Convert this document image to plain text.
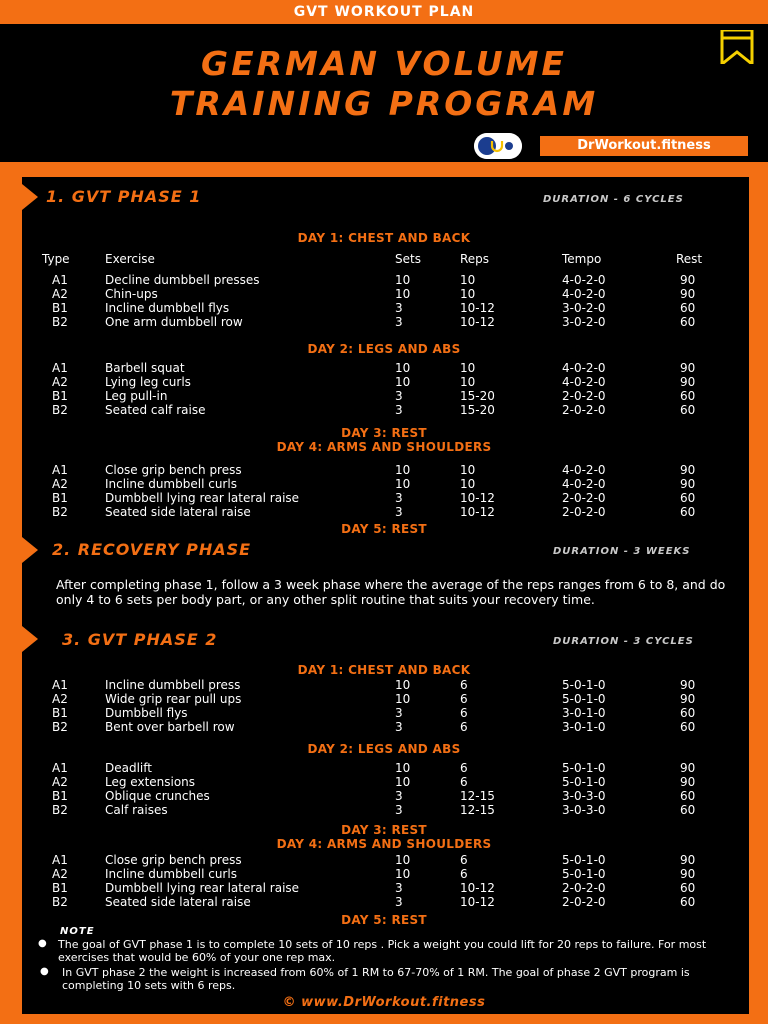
GVT WORKOUT PLAN
GERMAN VOLUME
TRAINING PROGRAM
DrWorkout.fitness
1. GVT PHASE 1	DURATION - 6 CYCLES
Type	Exercise	Sets	Reps	Tempo	Rest
DAY 1: CHEST AND BACK
A1	Decline dumbbell presses	10	10	4-0-2-0	90
A2	Chin-ups	10	10	4-0-2-0	90
B1	Incline dumbbell flys	3	10-12	3-0-2-0	60
B2	One arm dumbbell row	3	10-12	3-0-2-0	60
DAY 2: LEGS AND ABS
A1	Barbell squat	10	10	4-0-2-0	90
A2	Lying leg curls	10	10	4-0-2-0	90
B1	Leg pull-in	3	15-20	2-0-2-0	60
B2	Seated calf raise	3	15-20	2-0-2-0	60
DAY 3: REST
DAY 4: ARMS AND SHOULDERS
A1	Close grip bench press	10	10	4-0-2-0	90
A2	Incline dumbbell curls	10	10	4-0-2-0	90
B1	Dumbbell lying rear lateral raise	3	10-12	2-0-2-0	60
B2	Seated side lateral raise	3	10-12	2-0-2-0	60
DAY 5: REST
2. RECOVERY PHASE	DURATION - 3 WEEKS
After completing phase 1, follow a 3 week phase where the average of the reps ranges from 6 to 8, and do only 4 to 6 sets per body part, or any other split routine that suits your recovery time.
3. GVT PHASE 2	DURATION - 3 CYCLES
DAY 1: CHEST AND BACK
A1	Incline dumbbell press	10	6	5-0-1-0	90
A2	Wide grip rear pull ups	10	6	5-0-1-0	90
B1	Dumbbell flys	3	6	3-0-1-0	60
B2	Bent over barbell row	3	6	3-0-1-0	60
DAY 2: LEGS AND ABS
A1	Deadlift	10	6	5-0-1-0	90
A2	Leg extensions	10	6	5-0-1-0	90
B1	Oblique crunches	3	12-15	3-0-3-0	60
B2	Calf raises	3	12-15	3-0-3-0	60
DAY 3: REST
DAY 4: ARMS AND SHOULDERS
A1	Close grip bench press	10	6	5-0-1-0	90
A2	Incline dumbbell curls	10	6	5-0-1-0	90
B1	Dumbbell lying rear lateral raise	3	10-12	2-0-2-0	60
B2	Seated side lateral raise	3	10-12	2-0-2-0	60
DAY 5: REST
NOTE
● The goal of GVT phase 1 is to complete 10 sets of 10 reps . Pick a weight you could lift for 20 reps to failure. For most exercises that would be 60% of your one rep max.
● In GVT phase 2 the weight is increased from 60% of 1 RM to 67-70% of 1 RM. The goal of phase 2 GVT program is completing 10 sets with 6 reps.
© www.DrWorkout.fitness
